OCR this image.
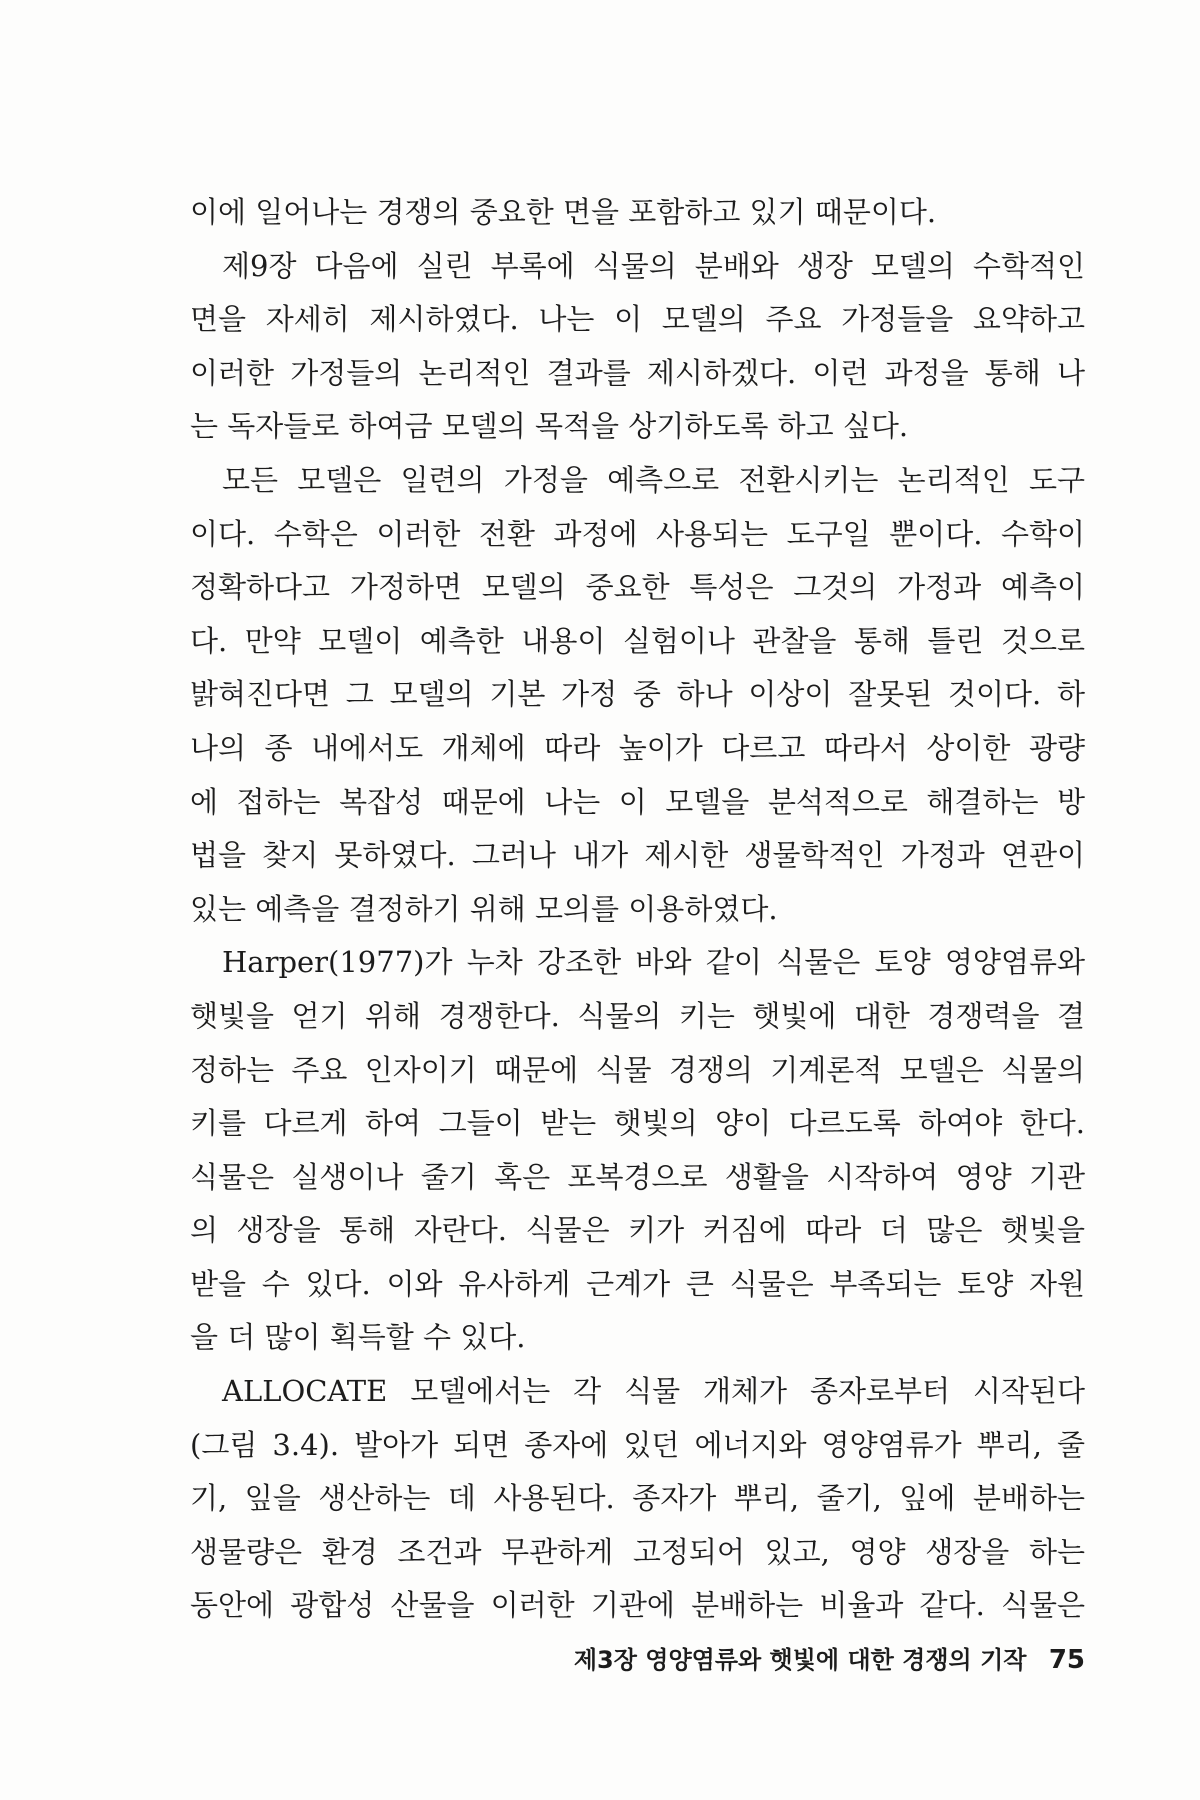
이에 일어나는 경쟁의 중요한 면을 포함하고 있기 때문이다.
제9장 다음에 실린 부록에 식물의 분배와 생장 모델의 수학적인
면을 자세히 제시하였다. 나는 이 모델의 주요 가정들을 요약하고
이러한 가정들의 논리적인 결과를 제시하겠다. 이런 과정을 통해 나
는 독자들로 하여금 모델의 목적을 상기하도록 하고 싶다.
모든 모델은 일련의 가정을 예측으로 전환시키는 논리적인 도구
이다. 수학은 이러한 전환 과정에 사용되는 도구일 뿐이다. 수학이
정확하다고 가정하면 모델의 중요한 특성은 그것의 가정과 예측이
다. 만약 모델이 예측한 내용이 실험이나 관찰을 통해 틀린 것으로
밝혀진다면 그 모델의 기본 가정 중 하나 이상이 잘못된 것이다. 하
나의 종 내에서도 개체에 따라 높이가 다르고 따라서 상이한 광량
에 접하는 복잡성 때문에 나는 이 모델을 분석적으로 해결하는 방
법을 찾지 못하였다. 그러나 내가 제시한 생물학적인 가정과 연관이
있는 예측을 결정하기 위해 모의를 이용하였다.
Harper(1977)가 누차 강조한 바와 같이 식물은 토양 영양염류와
햇빛을 얻기 위해 경쟁한다. 식물의 키는 햇빛에 대한 경쟁력을 결
정하는 주요 인자이기 때문에 식물 경쟁의 기계론적 모델은 식물의
키를 다르게 하여 그들이 받는 햇빛의 양이 다르도록 하여야 한다.
식물은 실생이나 줄기 혹은 포복경으로 생활을 시작하여 영양 기관
의 생장을 통해 자란다. 식물은 키가 커짐에 따라 더 많은 햇빛을
받을 수 있다. 이와 유사하게 근계가 큰 식물은 부족되는 토양 자원
을 더 많이 획득할 수 있다.
ALLOCATE 모델에서는 각 식물 개체가 종자로부터 시작된다
(그림 3.4). 발아가 되면 종자에 있던 에너지와 영양염류가 뿌리, 줄
기, 잎을 생산하는 데 사용된다. 종자가 뿌리, 줄기, 잎에 분배하는
생물량은 환경 조건과 무관하게 고정되어 있고, 영양 생장을 하는
동안에 광합성 산물을 이러한 기관에 분배하는 비율과 같다. 식물은
제3장 영양염류와 햇빛에 대한 경쟁의 기작 75
